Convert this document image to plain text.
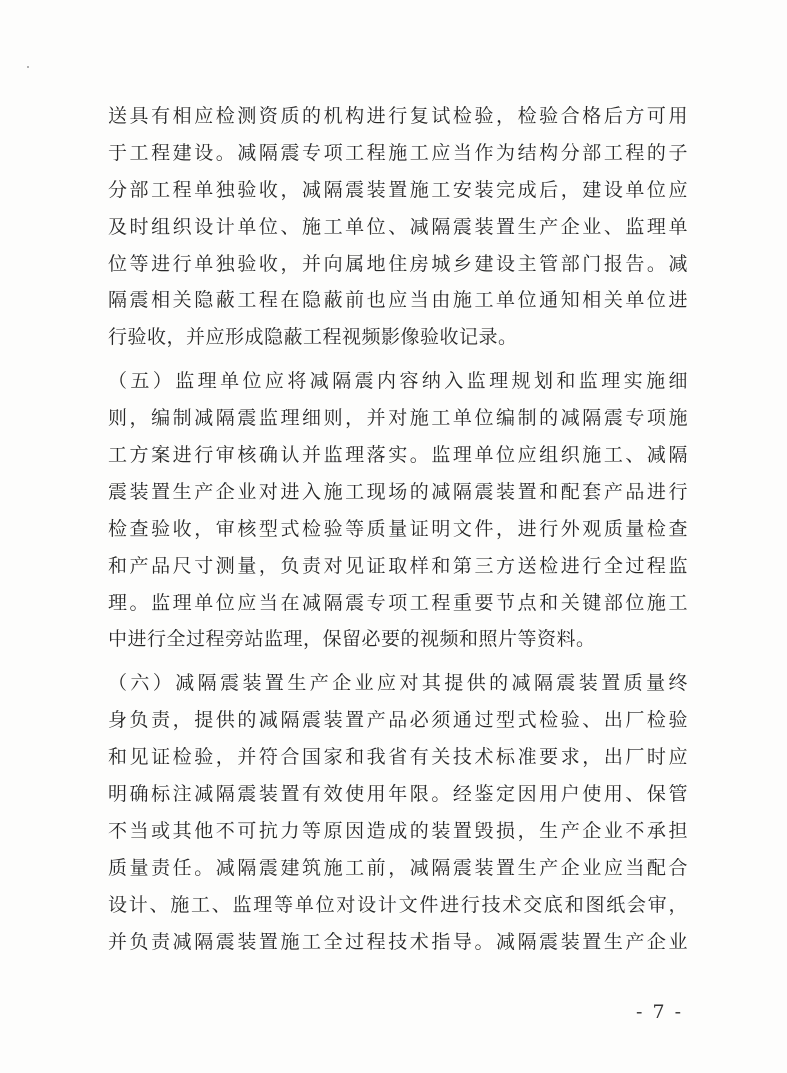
送具有相应检测资质的机构进行复试检验，检验合格后方可用
于工程建设。减隔震专项工程施工应当作为结构分部工程的子
分部工程单独验收，减隔震装置施工安装完成后，建设单位应
及时组织设计单位、施工单位、减隔震装置生产企业、监理单
位等进行单独验收，并向属地住房城乡建设主管部门报告。减
隔震相关隐蔽工程在隐蔽前也应当由施工单位通知相关单位进
行验收，并应形成隐蔽工程视频影像验收记录。
（五）监理单位应将减隔震内容纳入监理规划和监理实施细
则，编制减隔震监理细则，并对施工单位编制的减隔震专项施
工方案进行审核确认并监理落实。监理单位应组织施工、减隔
震装置生产企业对进入施工现场的减隔震装置和配套产品进行
检查验收，审核型式检验等质量证明文件，进行外观质量检查
和产品尺寸测量，负责对见证取样和第三方送检进行全过程监
理。监理单位应当在减隔震专项工程重要节点和关键部位施工
中进行全过程旁站监理，保留必要的视频和照片等资料。
（六）减隔震装置生产企业应对其提供的减隔震装置质量终
身负责，提供的减隔震装置产品必须通过型式检验、出厂检验
和见证检验，并符合国家和我省有关技术标准要求，出厂时应
明确标注减隔震装置有效使用年限。经鉴定因用户使用、保管
不当或其他不可抗力等原因造成的装置毁损，生产企业不承担
质量责任。减隔震建筑施工前，减隔震装置生产企业应当配合
设计、施工、监理等单位对设计文件进行技术交底和图纸会审，
并负责减隔震装置施工全过程技术指导。减隔震装置生产企业
- 7 -
